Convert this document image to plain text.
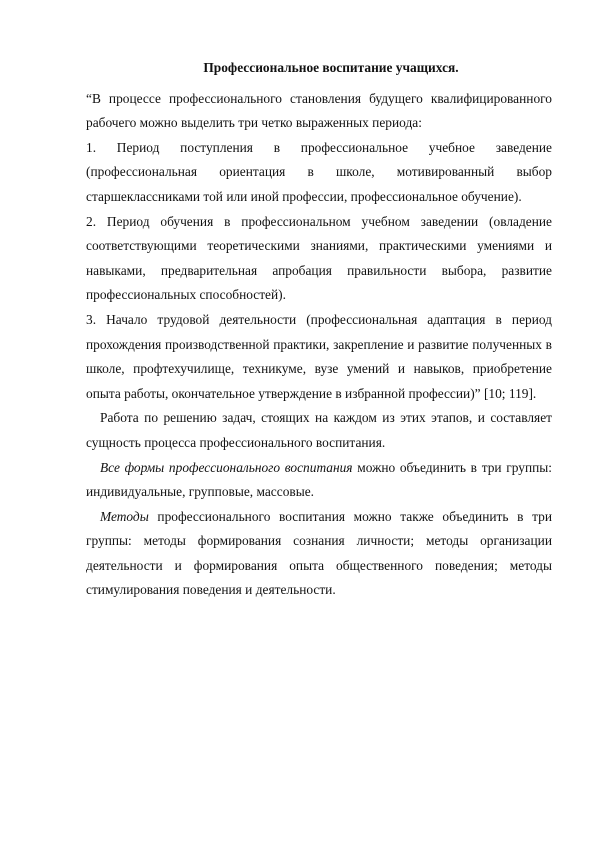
Профессиональное воспитание учащихся.

“В процессе профессионального становления будущего квалифицированного рабочего можно выделить три четко выраженных периода:

1. Период поступления в профессиональное учебное заведение (профессиональная ориентация в школе, мотивированный выбор старшеклассниками той или иной профессии, профессиональное обучение).

2. Период обучения в профессиональном учебном заведении (овладение соответствующими теоретическими знаниями, практическими умениями и навыками, предварительная апробация правильности выбора, развитие профессиональных способностей).

3. Начало трудовой деятельности (профессиональная адаптация в период прохождения производственной практики, закрепление и развитие полученных в школе, профтехучилище, техникуме, вузе умений и навыков, приобретение опыта работы, окончательное утверждение в избранной профессии)” [10; 119].

Работа по решению задач, стоящих на каждом из этих этапов, и составляет сущность процесса профессионального воспитания.

Все формы профессионального воспитания можно объединить в три группы: индивидуальные, групповые, массовые.

Методы профессионального воспитания можно также объединить в три группы: методы формирования сознания личности; методы организации деятельности и формирования опыта общественного поведения; методы стимулирования поведения и деятельности.
